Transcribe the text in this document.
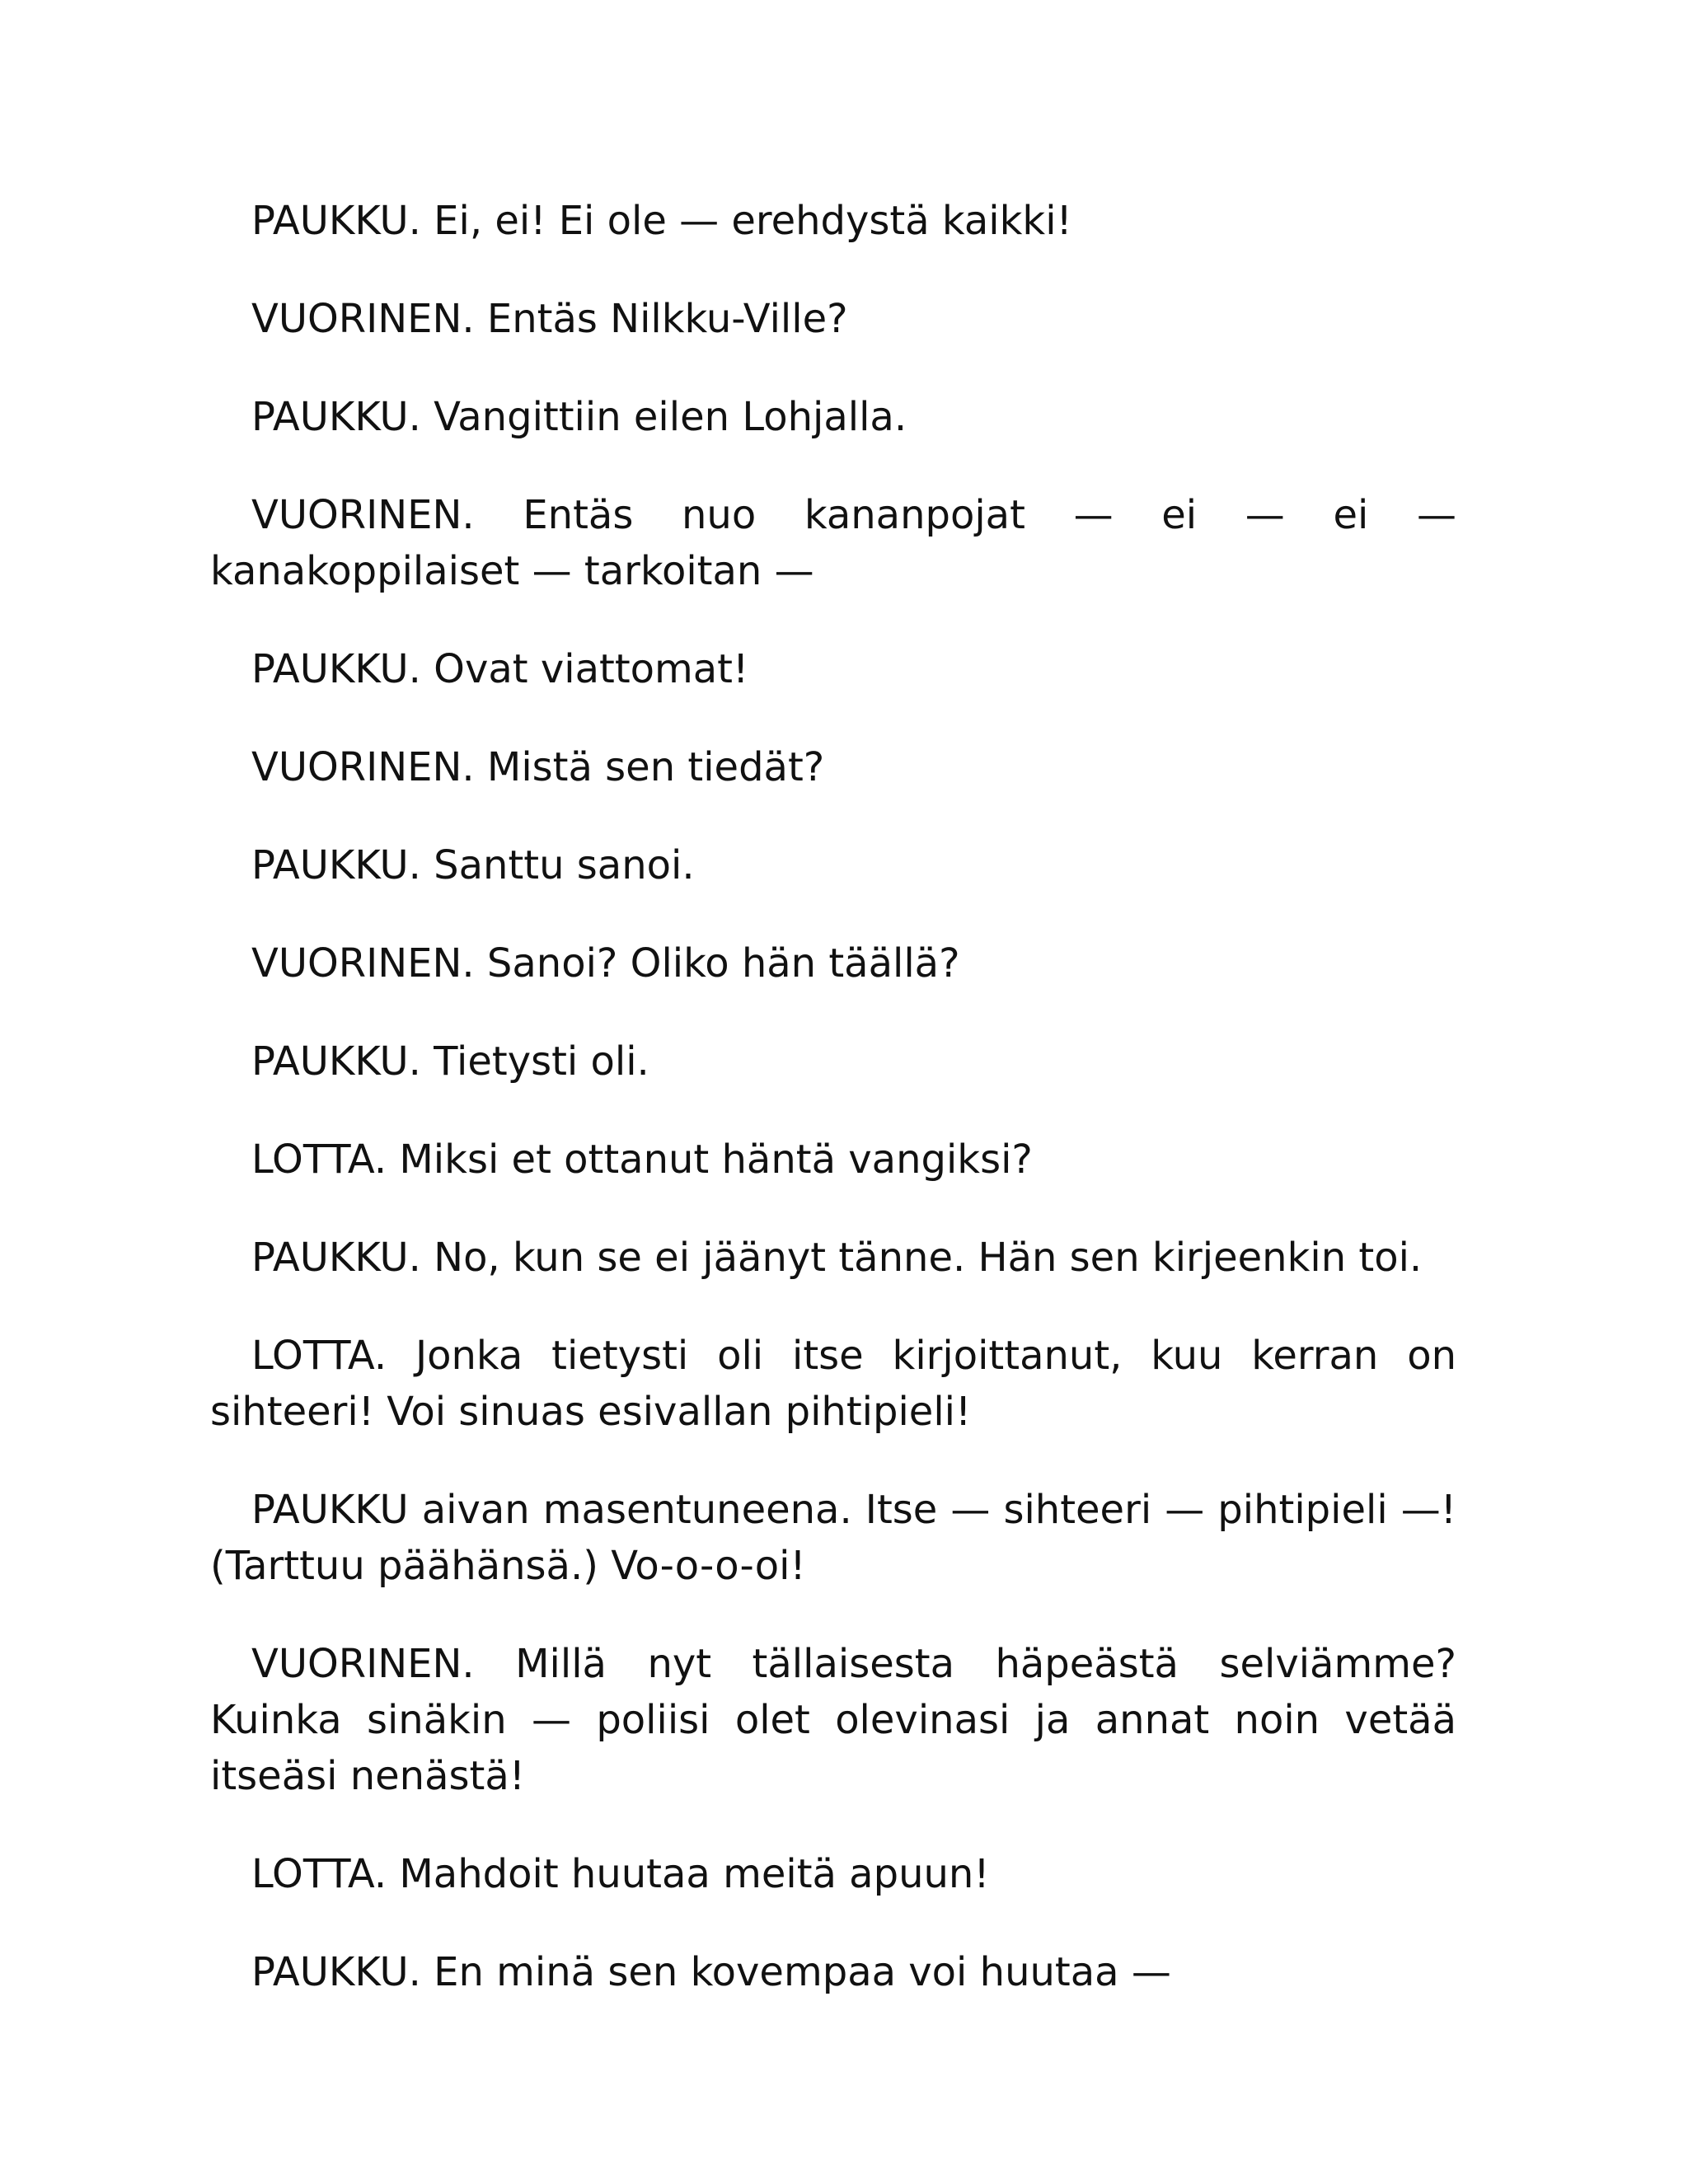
PAUKKU. Ei, ei! Ei ole — erehdystä kaikki!

VUORINEN. Entäs Nilkku-Ville?

PAUKKU. Vangittiin eilen Lohjalla.

VUORINEN. Entäs nuo kananpojat — ei — ei — kanakoppilaiset — tarkoitan —

PAUKKU. Ovat viattomat!

VUORINEN. Mistä sen tiedät?

PAUKKU. Santtu sanoi.

VUORINEN. Sanoi? Oliko hän täällä?

PAUKKU. Tietysti oli.

LOTTA. Miksi et ottanut häntä vangiksi?

PAUKKU. No, kun se ei jäänyt tänne. Hän sen kirjeenkin toi.

LOTTA. Jonka tietysti oli itse kirjoittanut, kuu kerran on sihteeri! Voi sinuas esivallan pihtipieli!

PAUKKU aivan masentuneena. Itse — sihteeri — pihtipieli —! (Tarttuu päähänsä.) Vo-o-o-oi!

VUORINEN. Millä nyt tällaisesta häpeästä selviämme? Kuinka sinäkin — poliisi olet olevinasi ja annat noin vetää itseäsi nenästä!

LOTTA. Mahdoit huutaa meitä apuun!

PAUKKU. En minä sen kovempaa voi huutaa —
